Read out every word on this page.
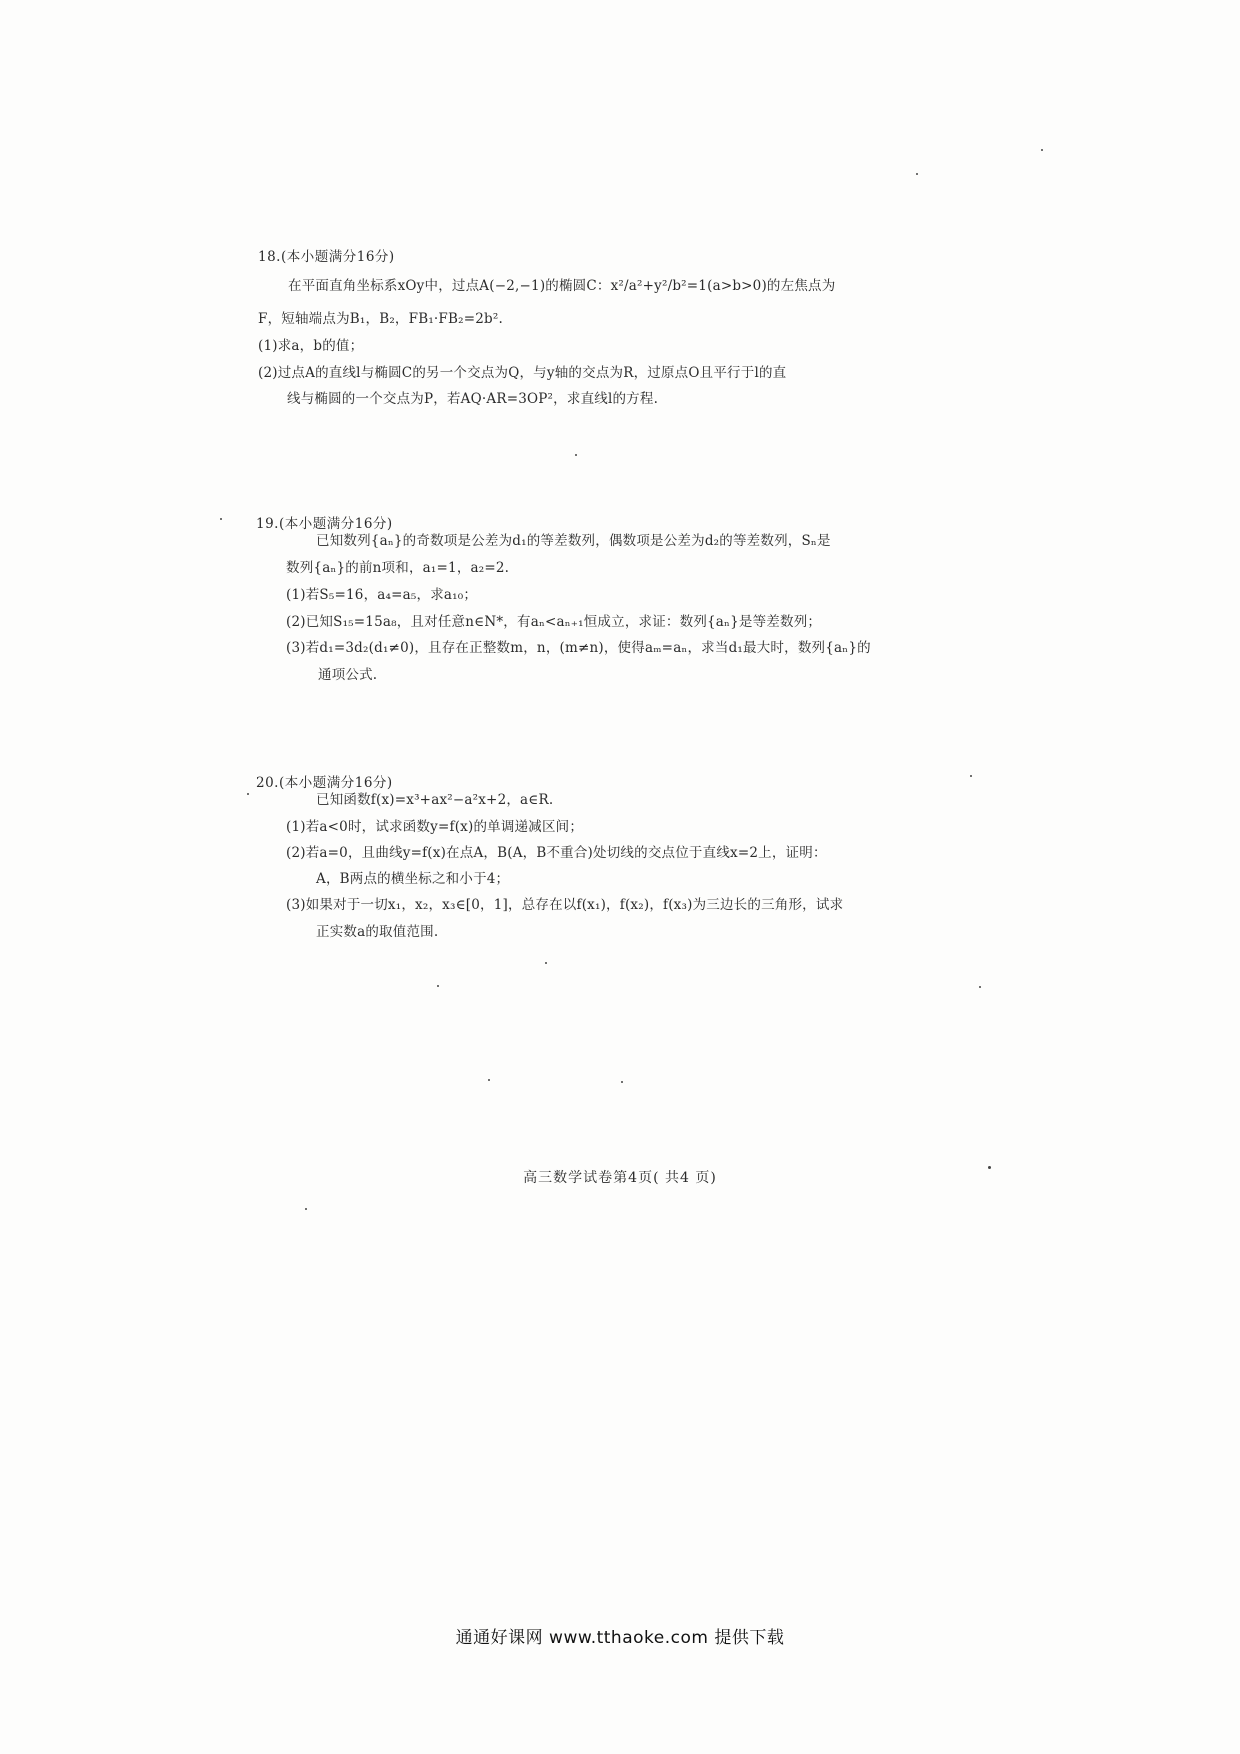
18.(本小题满分16分)
在平面直角坐标系xOy中，过点A(−2,−1)的椭圆C：x²/a²+y²/b²=1(a>b>0)的左焦点为
F，短轴端点为B₁，B₂，FB₁·FB₂=2b².
(1)求a，b的值；
(2)过点A的直线l与椭圆C的另一个交点为Q，与y轴的交点为R，过原点O且平行于l的直
线与椭圆的一个交点为P，若AQ·AR=3OP²，求直线l的方程.
19.(本小题满分16分)
已知数列{aₙ}的奇数项是公差为d₁的等差数列，偶数项是公差为d₂的等差数列，Sₙ是
数列{aₙ}的前n项和，a₁=1，a₂=2.
(1)若S₅=16，a₄=a₅，求a₁₀；
(2)已知S₁₅=15a₈，且对任意n∈N*，有aₙ<aₙ₊₁恒成立，求证：数列{aₙ}是等差数列；
(3)若d₁=3d₂(d₁≠0)，且存在正整数m，n，(m≠n)，使得aₘ=aₙ，求当d₁最大时，数列{aₙ}的
通项公式.
20.(本小题满分16分)
已知函数f(x)=x³+ax²−a²x+2，a∈R.
(1)若a<0时，试求函数y=f(x)的单调递减区间；
(2)若a=0，且曲线y=f(x)在点A，B(A，B不重合)处切线的交点位于直线x=2上，证明：
A，B两点的横坐标之和小于4；
(3)如果对于一切x₁，x₂，x₃∈[0，1]，总存在以f(x₁)，f(x₂)，f(x₃)为三边长的三角形，试求
正实数a的取值范围.
高三数学试卷第4页( 共4 页)
通通好课网 www.tthaoke.com 提供下载
